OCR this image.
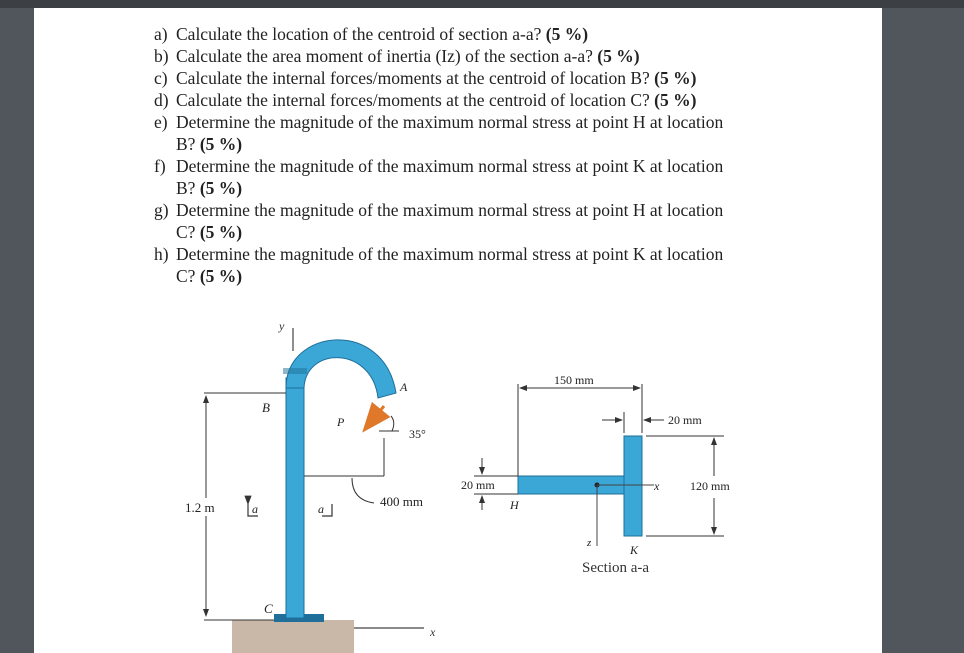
a) Calculate the location of the centroid of section a-a? (5 %)
b) Calculate the area moment of inertia (Iz) of the section a-a? (5 %)
c) Calculate the internal forces/moments at the centroid of location B? (5 %)
d) Calculate the internal forces/moments at the centroid of location C? (5 %)
e) Determine the magnitude of the maximum normal stress at point H at location
B? (5 %)
f) Determine the magnitude of the maximum normal stress at point K at location
B? (5 %)
g) Determine the magnitude of the maximum normal stress at point H at location
C? (5 %)
h) Determine the magnitude of the maximum normal stress at point K at location
C? (5 %)
y
A
B
C
P
35°
400 mm
1.2 m	a	a
x
150 mm
20 mm
20 mm
H
x
z	K
120 mm
Section a-a
